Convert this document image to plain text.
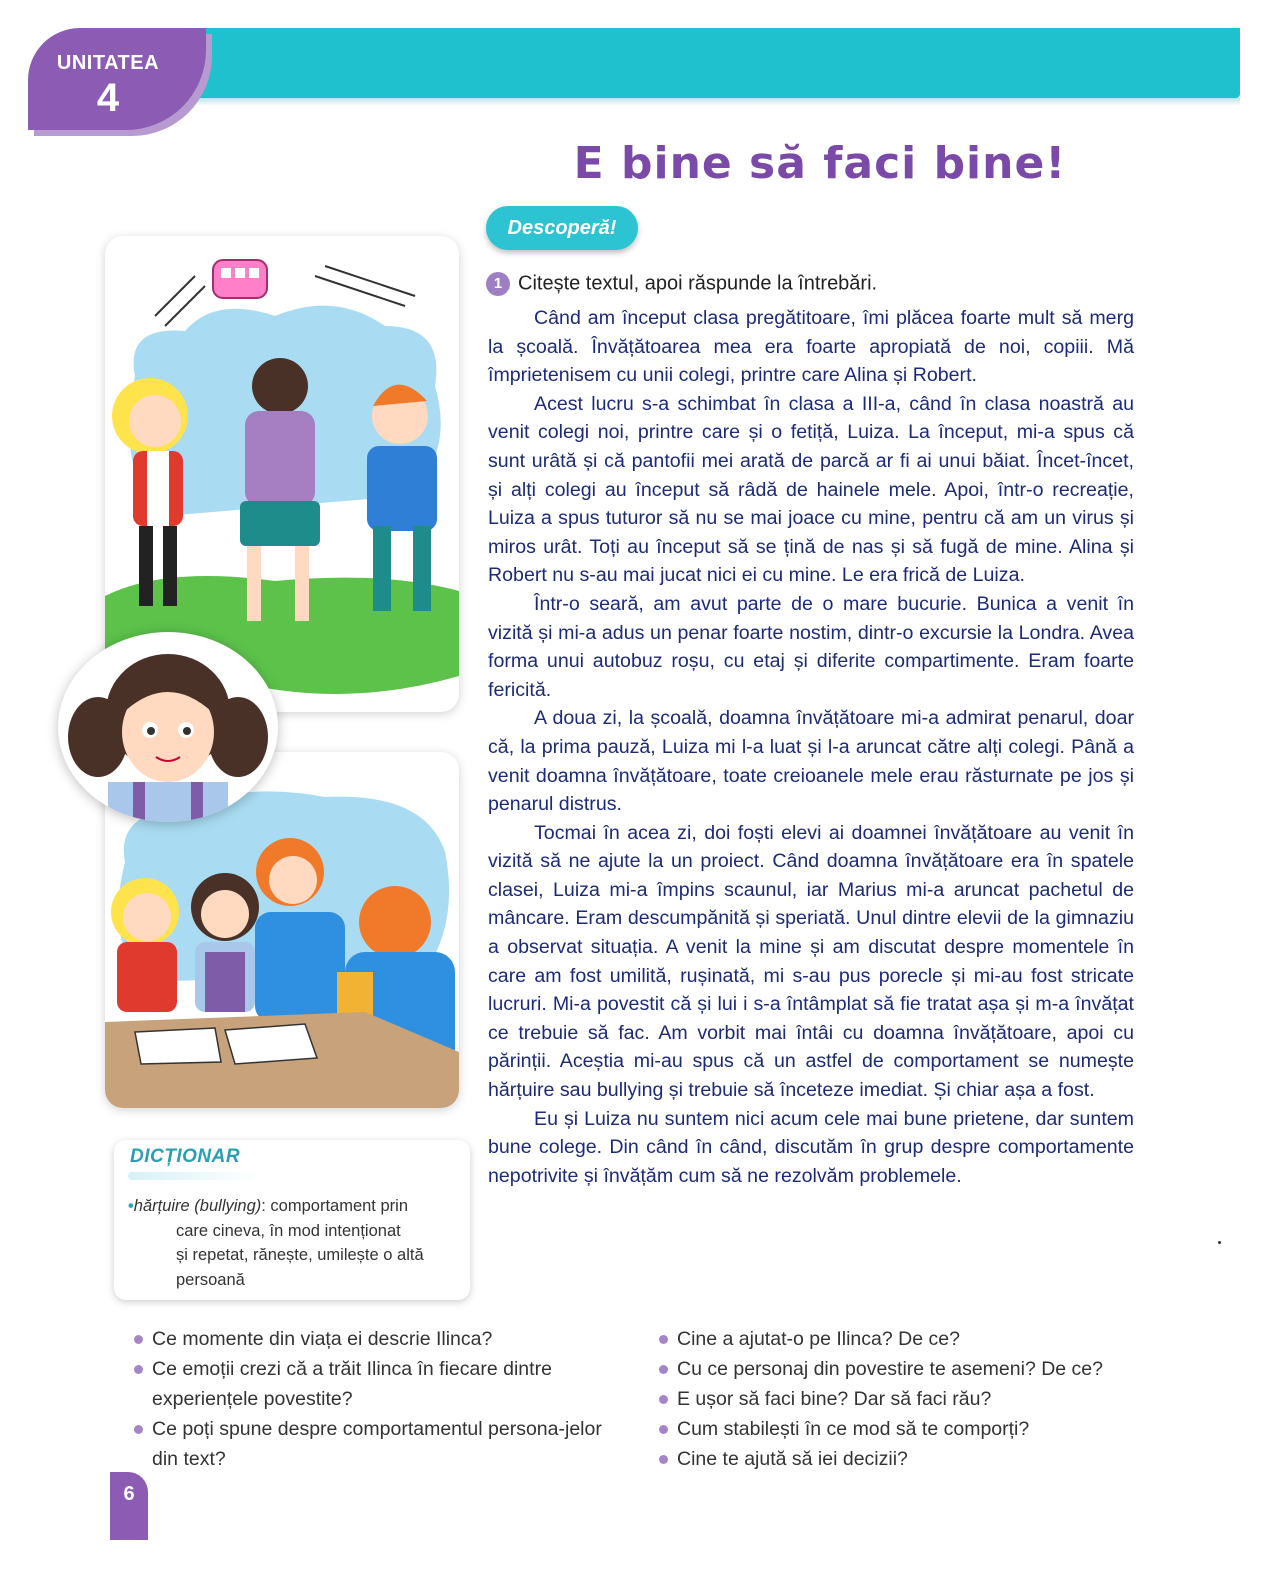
UNITATEA
4
E bine să faci bine!
Descoperă!
DICȚIONAR
•hărțuire (bullying): comportament prin
care cineva, în mod intenționat
și repetat, rănește, umilește o altă
persoană
1 Citește textul, apoi răspunde la întrebări.

Când am început clasa pregătitoare, îmi plăcea foarte mult să merg la școală. Învățătoarea mea era foarte apropiată de noi, copiii. Mă împrietenisem cu unii colegi, printre care Alina și Robert.

Acest lucru s-a schimbat în clasa a III-a, când în clasa noastră au venit colegi noi, printre care și o fetiță, Luiza. La început, mi-a spus că sunt urâtă și că pantofii mei arată de parcă ar fi ai unui băiat. Încet-încet, și alți colegi au început să râdă de hainele mele. Apoi, într-o recreație, Luiza a spus tuturor să nu se mai joace cu mine, pentru că am un virus și miros urât. Toți au început să se țină de nas și să fugă de mine. Alina și Robert nu s-au mai jucat nici ei cu mine. Le era frică de Luiza.

Într-o seară, am avut parte de o mare bucurie. Bunica a venit în vizită și mi-a adus un penar foarte nostim, dintr-o excursie la Londra. Avea forma unui autobuz roșu, cu etaj și diferite compartimente. Eram foarte fericită.

A doua zi, la școală, doamna învățătoare mi-a admirat penarul, doar că, la prima pauză, Luiza mi l-a luat și l-a aruncat către alți colegi. Până a venit doamna învățătoare, toate creioanele mele erau răsturnate pe jos și penarul distrus.

Tocmai în acea zi, doi foști elevi ai doamnei învățătoare au venit în vizită să ne ajute la un proiect. Când doamna învățătoare era în spatele clasei, Luiza mi-a împins scaunul, iar Marius mi-a aruncat pachetul de mâncare. Eram descumpănită și speriată. Unul dintre elevii de la gimnaziu a observat situația. A venit la mine și am discutat despre momentele în care am fost umilită, rușinată, mi s-au pus porecle și mi-au fost stricate lucruri. Mi-a povestit că și lui i s-a întâmplat să fie tratat așa și m-a învățat ce trebuie să fac. Am vorbit mai întâi cu doamna învățătoare, apoi cu părinții. Aceștia mi-au spus că un astfel de comportament se numește hărțuire sau bullying și trebuie să înceteze imediat. Și chiar așa a fost.

Eu și Luiza nu suntem nici acum cele mai bune prietene, dar suntem bune colege. Din când în când, discutăm în grup despre comportamente nepotrivite și învățăm cum să ne rezolvăm problemele.

Ce momente din viața ei descrie Ilinca?
Ce emoții crezi că a trăit Ilinca în fiecare dintre experiențele povestite?
Ce poți spune despre comportamentul persona-jelor din text?
Cine a ajutat-o pe Ilinca? De ce?
Cu ce personaj din povestire te asemeni? De ce?
E ușor să faci bine? Dar să faci rău?
Cum stabilești în ce mod să te comporți?
Cine te ajută să iei decizii?
6
